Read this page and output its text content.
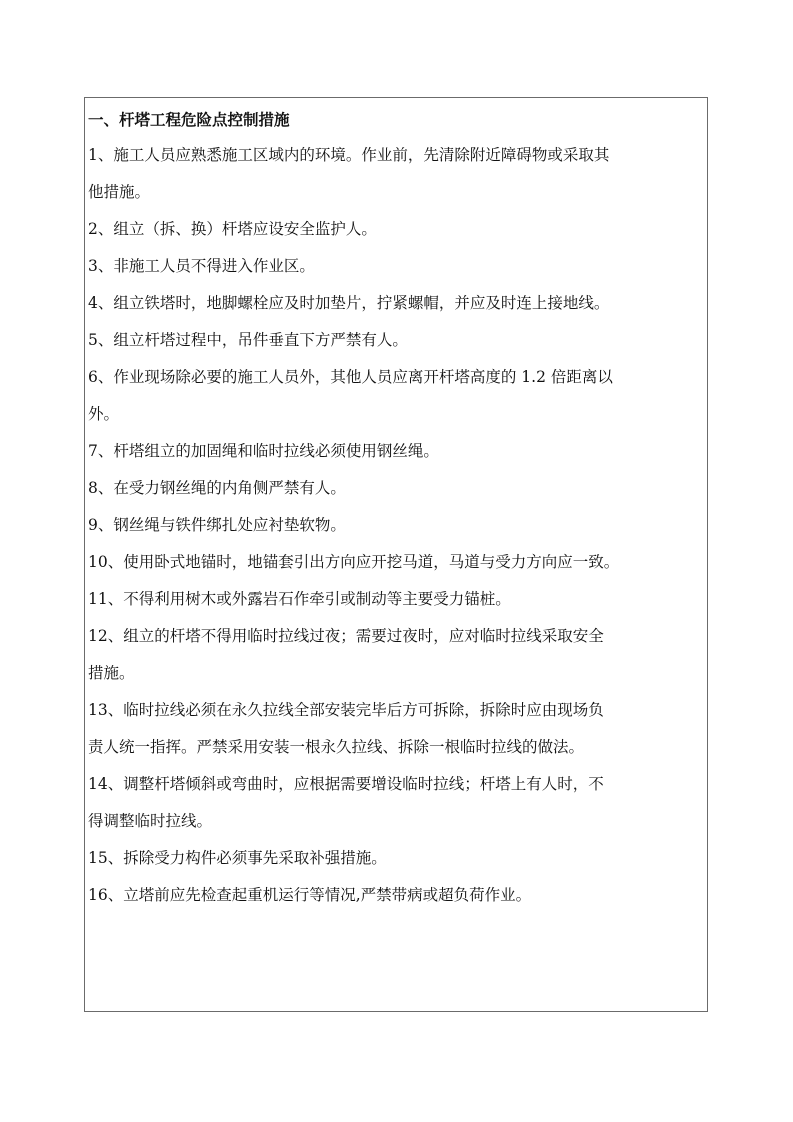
一、杆塔工程危险点控制措施

1、施工人员应熟悉施工区域内的环境。作业前，先清除附近障碍物或采取其

他措施。

2、组立（拆、换）杆塔应设安全监护人。

3、非施工人员不得进入作业区。

4、组立铁塔时，地脚螺栓应及时加垫片，拧紧螺帽，并应及时连上接地线。

5、组立杆塔过程中，吊件垂直下方严禁有人。

6、作业现场除必要的施工人员外，其他人员应离开杆塔高度的 1.2 倍距离以

外。

7、杆塔组立的加固绳和临时拉线必须使用钢丝绳。

8、在受力钢丝绳的内角侧严禁有人。

9、钢丝绳与铁件绑扎处应衬垫软物。

10、使用卧式地锚时，地锚套引出方向应开挖马道，马道与受力方向应一致。

11、不得利用树木或外露岩石作牵引或制动等主要受力锚桩。

12、组立的杆塔不得用临时拉线过夜；需要过夜时，应对临时拉线采取安全

措施。

13、临时拉线必须在永久拉线全部安装完毕后方可拆除，拆除时应由现场负

责人统一指挥。严禁采用安装一根永久拉线、拆除一根临时拉线的做法。

14、调整杆塔倾斜或弯曲时，应根据需要增设临时拉线；杆塔上有人时，不

得调整临时拉线。

15、拆除受力构件必须事先采取补强措施。

16、立塔前应先检查起重机运行等情况,严禁带病或超负荷作业。
